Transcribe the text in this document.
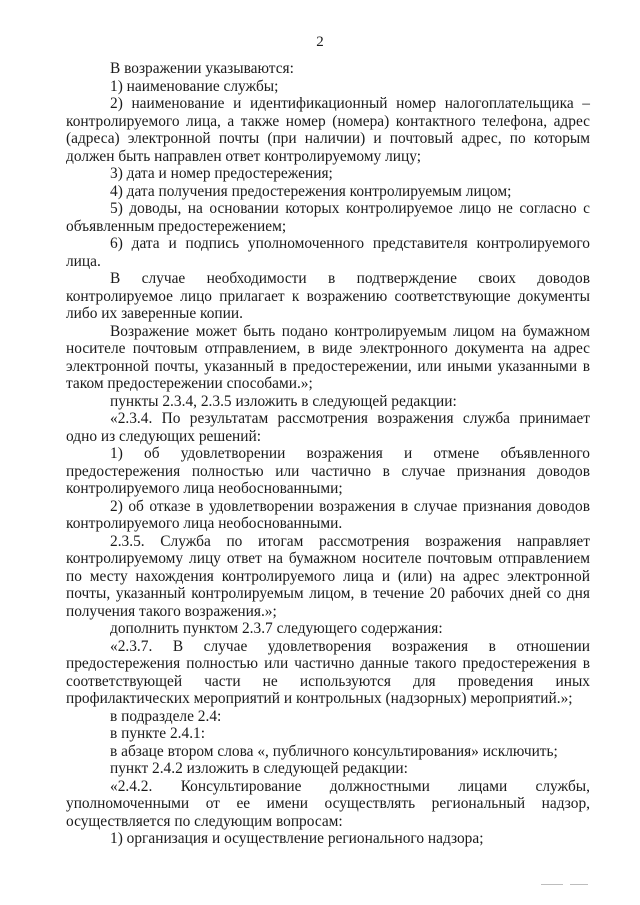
2

В возражении указываются:

1) наименование службы;

2) наименование и идентификационный номер налогоплательщика – контролируемого лица, а также номер (номера) контактного телефона, адрес (адреса) электронной почты (при наличии) и почтовый адрес, по которым должен быть направлен ответ контролируемому лицу;

3) дата и номер предостережения;

4) дата получения предостережения контролируемым лицом;

5) доводы, на основании которых контролируемое лицо не согласно с объявленным предостережением;

6) дата и подпись уполномоченного представителя контролируемого лица.

В случае необходимости в подтверждение своих доводов контролируемое лицо прилагает к возражению соответствующие документы либо их заверенные копии.

Возражение может быть подано контролируемым лицом на бумажном носителе почтовым отправлением, в виде электронного документа на адрес электронной почты, указанный в предостережении, или иными указанными в таком предостережении способами.»;

пункты 2.3.4, 2.3.5 изложить в следующей редакции:

«2.3.4. По результатам рассмотрения возражения служба принимает одно из следующих решений:

1) об удовлетворении возражения и отмене объявленного предостережения полностью или частично в случае признания доводов контролируемого лица необоснованными;

2) об отказе в удовлетворении возражения в случае признания доводов контролируемого лица необоснованными.

2.3.5. Служба по итогам рассмотрения возражения направляет контролируемому лицу ответ на бумажном носителе почтовым отправлением по месту нахождения контролируемого лица и (или) на адрес электронной почты, указанный контролируемым лицом, в течение 20 рабочих дней со дня получения такого возражения.»;

дополнить пунктом 2.3.7 следующего содержания:

«2.3.7. В случае удовлетворения возражения в отношении предостережения полностью или частично данные такого предостережения в соответствующей части не используются для проведения иных профилактических мероприятий и контрольных (надзорных) мероприятий.»;

в подразделе 2.4:

в пункте 2.4.1:

в абзаце втором слова «, публичного консультирования» исключить;

пункт 2.4.2 изложить в следующей редакции:

«2.4.2. Консультирование должностными лицами службы, уполномоченными от ее имени осуществлять региональный надзор, осуществляется по следующим вопросам:

1) организация и осуществление регионального надзора;
